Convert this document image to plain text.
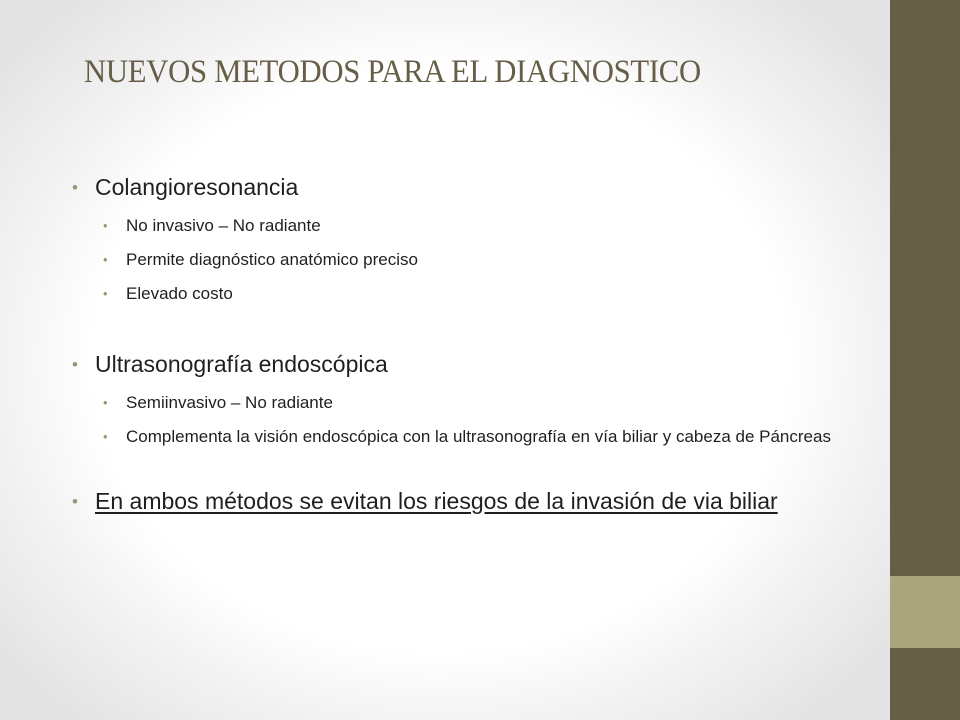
NUEVOS METODOS PARA EL DIAGNOSTICO
• Colangioresonancia
• No invasivo – No radiante
• Permite diagnóstico anatómico preciso
• Elevado costo
• Ultrasonografía endoscópica
• Semiinvasivo – No radiante
• Complementa la visión endoscópica con la ultrasonografía en vía biliar y cabeza de Páncreas
• En ambos métodos se evitan los riesgos de la invasión de via biliar
